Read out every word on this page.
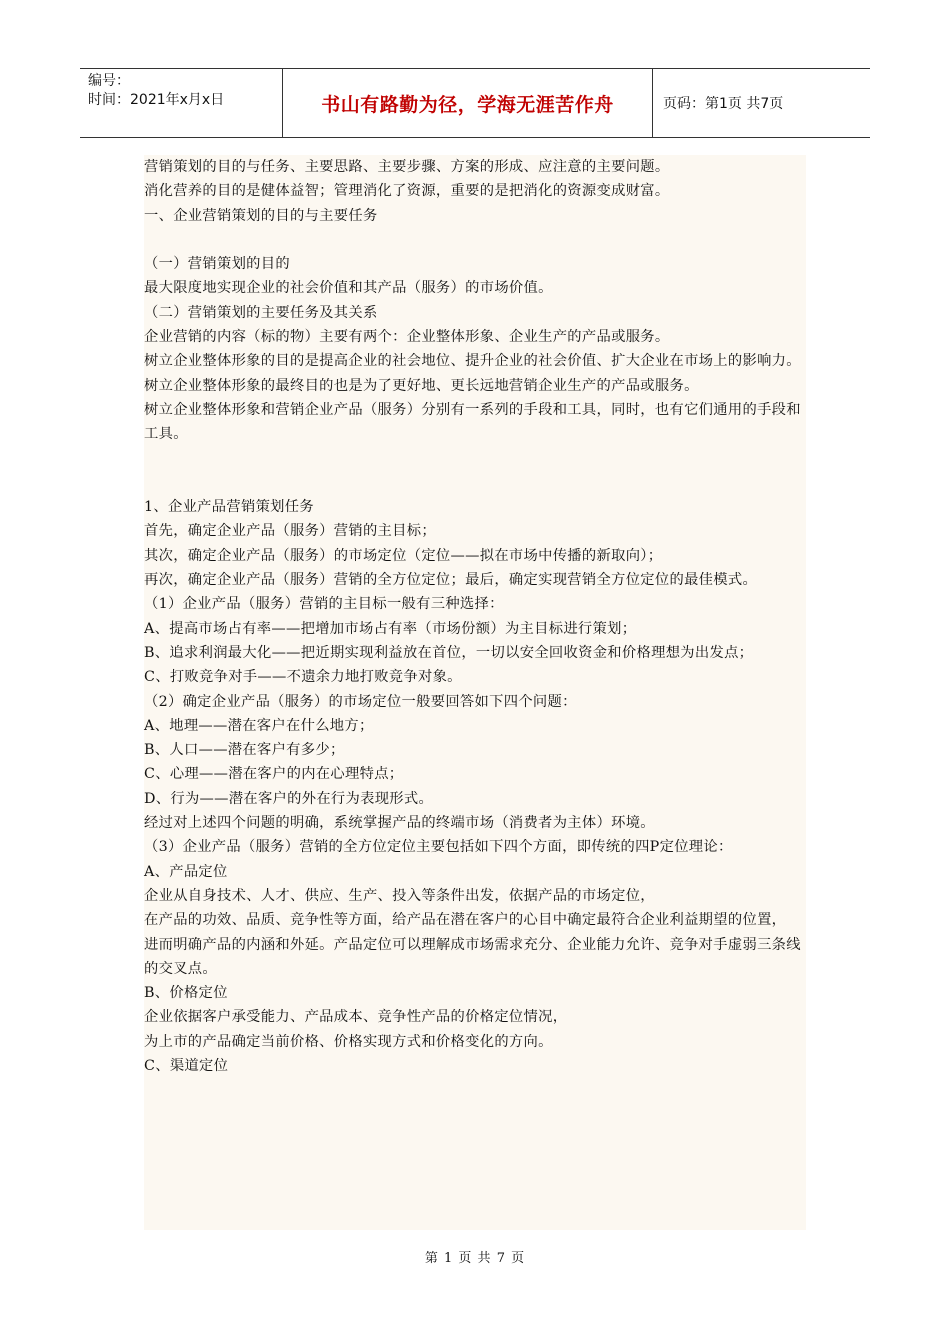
编号：
时间：2021年x月x日	书山有路勤为径，学海无涯苦作舟	页码：第1页 共7页

营销策划的目的与任务、主要思路、主要步骤、方案的形成、应注意的主要问题。

消化营养的目的是健体益智；管理消化了资源，重要的是把消化的资源变成财富。

一、企业营销策划的目的与主要任务

（一）营销策划的目的

最大限度地实现企业的社会价值和其产品（服务）的市场价值。

（二）营销策划的主要任务及其关系

企业营销的内容（标的物）主要有两个：企业整体形象、企业生产的产品或服务。

树立企业整体形象的目的是提高企业的社会地位、提升企业的社会价值、扩大企业在市场上的影响力。

树立企业整体形象的最终目的也是为了更好地、更长远地营销企业生产的产品或服务。

树立企业整体形象和营销企业产品（服务）分别有一系列的手段和工具，同时，也有它们通用的手段和工具。

1、企业产品营销策划任务

首先，确定企业产品（服务）营销的主目标；

其次，确定企业产品（服务）的市场定位（定位——拟在市场中传播的新取向）；

再次，确定企业产品（服务）营销的全方位定位；最后，确定实现营销全方位定位的最佳模式。

（1）企业产品（服务）营销的主目标一般有三种选择：

A、提高市场占有率——把增加市场占有率（市场份额）为主目标进行策划；

B、追求利润最大化——把近期实现利益放在首位，一切以安全回收资金和价格理想为出发点；

C、打败竞争对手——不遗余力地打败竞争对象。

（2）确定企业产品（服务）的市场定位一般要回答如下四个问题：

A、地理——潜在客户在什么地方；

B、人口——潜在客户有多少；

C、心理——潜在客户的内在心理特点；

D、行为——潜在客户的外在行为表现形式。

经过对上述四个问题的明确，系统掌握产品的终端市场（消费者为主体）环境。

（3）企业产品（服务）营销的全方位定位主要包括如下四个方面，即传统的四P定位理论：

A、产品定位

企业从自身技术、人才、供应、生产、投入等条件出发，依据产品的市场定位，

在产品的功效、品质、竞争性等方面，给产品在潜在客户的心目中确定最符合企业利益期望的位置，

进而明确产品的内涵和外延。产品定位可以理解成市场需求充分、企业能力允许、竞争对手虚弱三条线的交叉点。

B、价格定位

企业依据客户承受能力、产品成本、竞争性产品的价格定位情况，

为上市的产品确定当前价格、价格实现方式和价格变化的方向。

C、渠道定位

第 1 页 共 7 页
